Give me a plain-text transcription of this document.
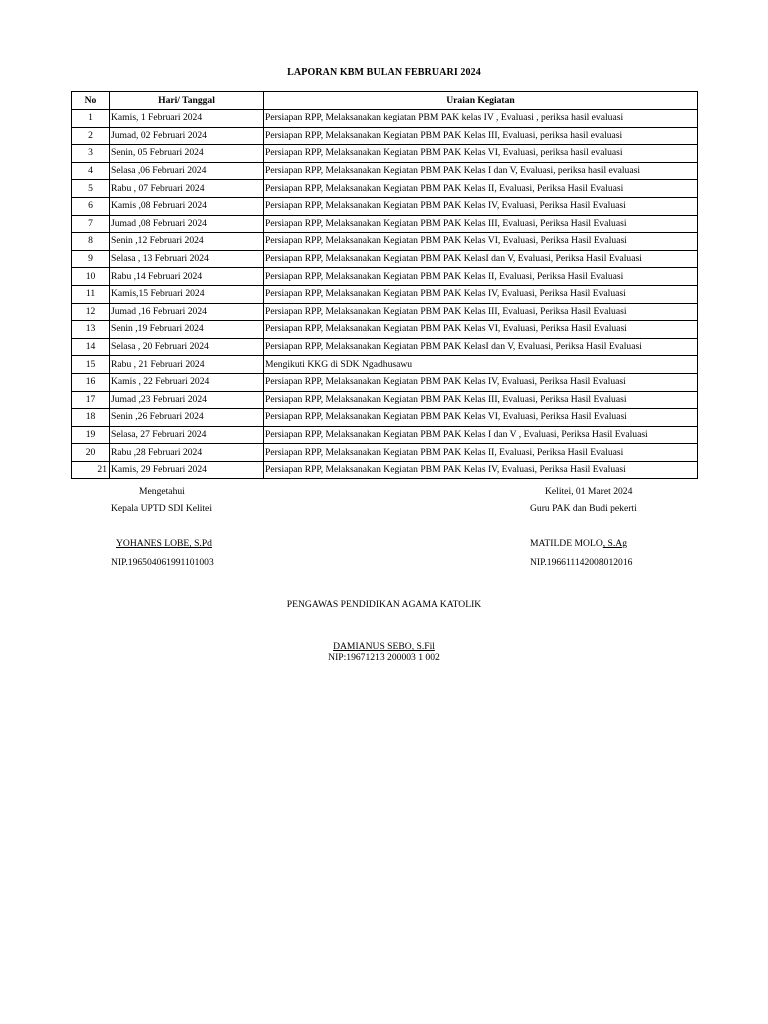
LAPORAN KBM BULAN FEBRUARI 2024
No	Hari/ Tanggal	Uraian Kegiatan
1	Kamis, 1 Februari 2024	Persiapan RPP, Melaksanakan kegiatan PBM PAK kelas IV , Evaluasi , periksa hasil evaluasi
2	Jumad, 02 Februari 2024	Persiapan RPP, Melaksanakan Kegiatan PBM PAK Kelas III, Evaluasi, periksa hasil evaluasi
3	Senin, 05 Februari 2024	Persiapan RPP, Melaksanakan Kegiatan PBM PAK Kelas VI, Evaluasi, periksa hasil evaluasi
4	Selasa ,06 Februari 2024	Persiapan RPP, Melaksanakan Kegiatan PBM PAK Kelas I dan V, Evaluasi, periksa hasil evaluasi
5	Rabu , 07 Februari 2024	Persiapan RPP, Melaksanakan Kegiatan PBM PAK Kelas II, Evaluasi, Periksa Hasil Evaluasi
6	Kamis ,08 Februari 2024	Persiapan RPP, Melaksanakan Kegiatan PBM PAK Kelas IV, Evaluasi, Periksa Hasil Evaluasi
7	Jumad ,08 Februari 2024	Persiapan RPP, Melaksanakan Kegiatan PBM PAK Kelas III, Evaluasi, Periksa Hasil Evaluasi
8	Senin ,12 Februari 2024	Persiapan RPP, Melaksanakan Kegiatan PBM PAK Kelas VI, Evaluasi, Periksa Hasil Evaluasi
9	Selasa , 13 Februari 2024	Persiapan RPP, Melaksanakan Kegiatan PBM PAK KelasI dan V, Evaluasi, Periksa Hasil Evaluasi
10	Rabu ,14 Februari 2024	Persiapan RPP, Melaksanakan Kegiatan PBM PAK Kelas II, Evaluasi, Periksa Hasil Evaluasi
11	Kamis,15 Februari 2024	Persiapan RPP, Melaksanakan Kegiatan PBM PAK Kelas IV, Evaluasi, Periksa Hasil Evaluasi
12	Jumad ,16 Februari 2024	Persiapan RPP, Melaksanakan Kegiatan PBM PAK Kelas III, Evaluasi, Periksa Hasil Evaluasi
13	Senin ,19 Februari 2024	Persiapan RPP, Melaksanakan Kegiatan PBM PAK Kelas VI, Evaluasi, Periksa Hasil Evaluasi
14	Selasa , 20 Februari 2024	Persiapan RPP, Melaksanakan Kegiatan PBM PAK KelasI dan V, Evaluasi, Periksa Hasil Evaluasi
15	Rabu , 21 Februari 2024	Mengikuti KKG di SDK Ngadhusawu
16	Kamis , 22 Februari 2024	Persiapan RPP, Melaksanakan Kegiatan PBM PAK Kelas IV, Evaluasi, Periksa Hasil Evaluasi
17	Jumad ,23 Februari 2024	Persiapan RPP, Melaksanakan Kegiatan PBM PAK Kelas III, Evaluasi, Periksa Hasil Evaluasi
18	Senin ,26 Februari 2024	Persiapan RPP, Melaksanakan Kegiatan PBM PAK Kelas VI, Evaluasi, Periksa Hasil Evaluasi
19	Selasa, 27 Februari 2024	Persiapan RPP, Melaksanakan Kegiatan PBM PAK Kelas I dan V , Evaluasi, Periksa Hasil Evaluasi
20	Rabu ,28 Februari 2024	Persiapan RPP, Melaksanakan Kegiatan PBM PAK Kelas II, Evaluasi, Periksa Hasil Evaluasi
21	Kamis, 29 Februari 2024	Persiapan RPP, Melaksanakan Kegiatan PBM PAK Kelas IV, Evaluasi, Periksa Hasil Evaluasi
Mengetahui
Kepala UPTD SDI Kelitei
YOHANES LOBE, S.Pd
NIP.196504061991101003
Kelitei, 01 Maret 2024
Guru PAK dan Budi pekerti
MATILDE MOLO, S.Ag
NIP.196611142008012016
PENGAWAS PENDIDIKAN AGAMA KATOLIK
DAMIANUS SEBO, S.Fil
NIP:19671213 200003 1 002
